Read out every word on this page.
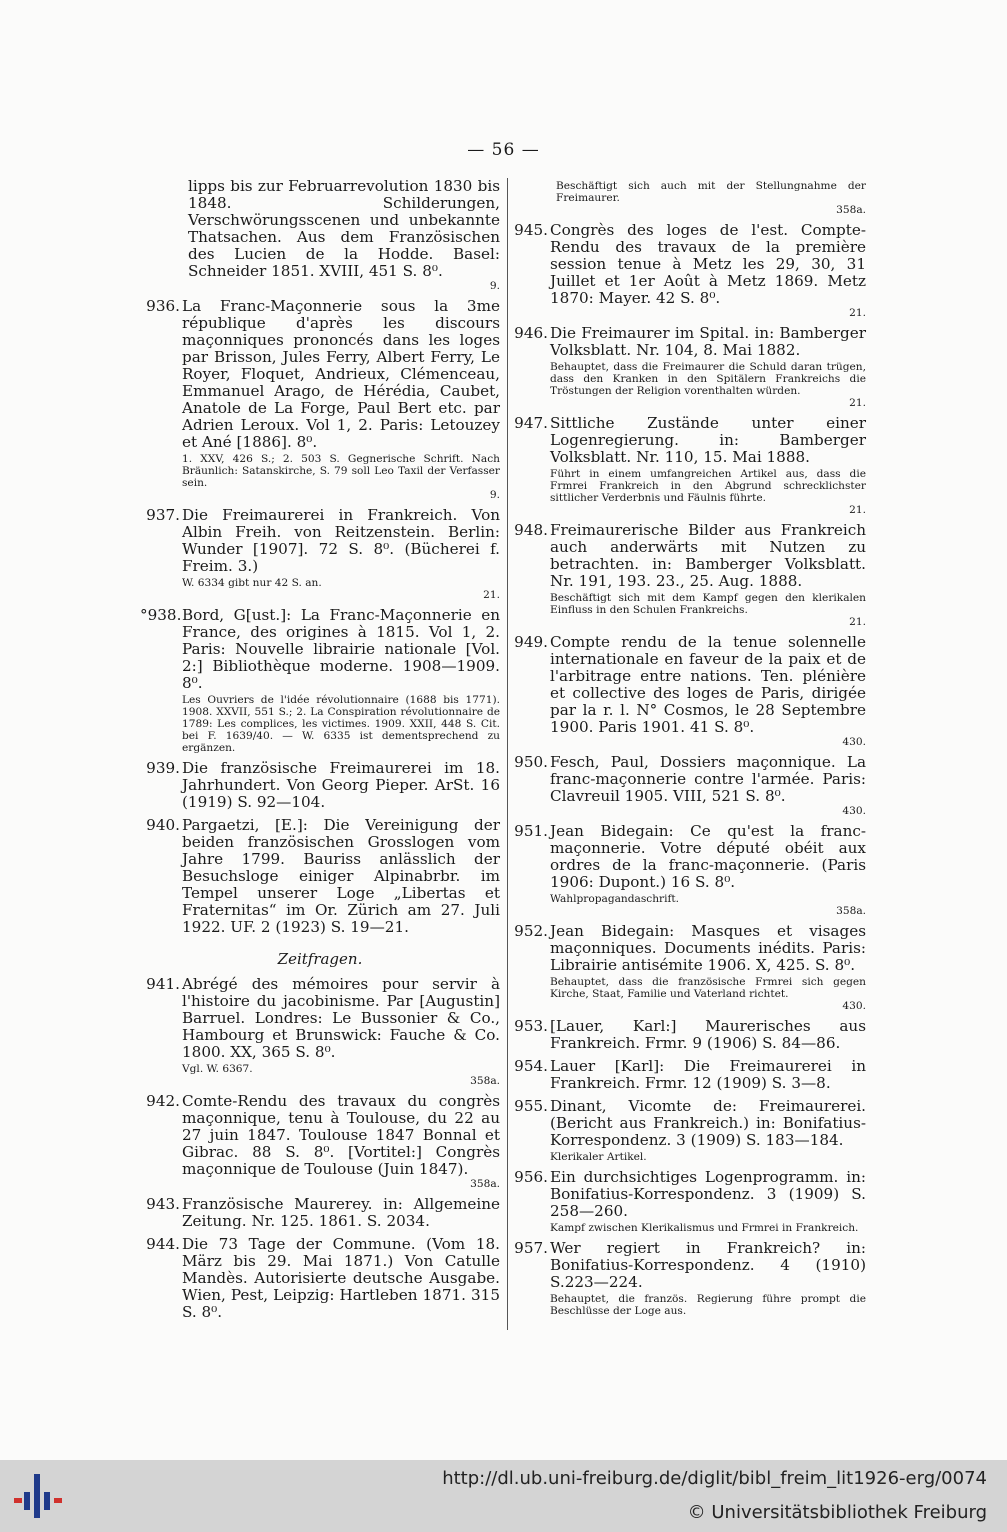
— 56 —
lipps bis zur Februarrevolution 1830 bis 1848. Schilderungen, Verschwörungsscenen und unbekannte Thatsachen. Aus dem Französischen des Lucien de la Hodde. Basel: Schneider 1851. XVIII, 451 S. 8⁰.
9.
936. La Franc-Maçonnerie sous la 3me république d'après les discours maçonniques prononcés dans les loges par Brisson, Jules Ferry, Albert Ferry, Le Royer, Floquet, Andrieux, Clémenceau, Emmanuel Arago, de Hérédia, Caubet, Anatole de La Forge, Paul Bert etc. par Adrien Leroux. Vol 1, 2. Paris: Letouzey et Ané [1886]. 8⁰.
1. XXV, 426 S.; 2. 503 S. Gegnerische Schrift. Nach Bräunlich: Satanskirche, S. 79 soll Leo Taxil der Verfasser sein.
9.
937. Die Freimaurerei in Frankreich. Von Albin Freih. von Reitzenstein. Berlin: Wunder [1907]. 72 S. 8⁰. (Bücherei f. Freim. 3.)
W. 6334 gibt nur 42 S. an.
21.
°938. Bord, G[ust.]: La Franc-Maçonnerie en France, des origines à 1815. Vol 1, 2. Paris: Nouvelle librairie nationale [Vol. 2:] Bibliothèque moderne. 1908—1909. 8⁰.
Les Ouvriers de l'idée révolutionnaire (1688 bis 1771). 1908. XXVII, 551 S.; 2. La Conspiration révolutionnaire de 1789: Les complices, les victimes. 1909. XXII, 448 S. Cit. bei F. 1639/40. — W. 6335 ist dementsprechend zu ergänzen.
939. Die französische Freimaurerei im 18. Jahrhundert. Von Georg Pieper. ArSt. 16 (1919) S. 92—104.
940. Pargaetzi, [E.]: Die Vereinigung der beiden französischen Grosslogen vom Jahre 1799. Bauriss anlässlich der Besuchsloge einiger Alpinabrbr. im Tempel unserer Loge „Libertas et Fraternitas“ im Or. Zürich am 27. Juli 1922. UF. 2 (1923) S. 19—21.
Zeitfragen.
941. Abrégé des mémoires pour servir à l'histoire du jacobinisme. Par [Augustin] Barruel. Londres: Le Bussonier & Co., Hambourg et Brunswick: Fauche & Co. 1800. XX, 365 S. 8⁰.
Vgl. W. 6367.
358a.
942. Comte-Rendu des travaux du congrès maçonnique, tenu à Toulouse, du 22 au 27 juin 1847. Toulouse 1847 Bonnal et Gibrac. 88 S. 8⁰. [Vortitel:] Congrès maçonnique de Toulouse (Juin 1847).
358a.
943. Französische Maurerey. in: Allgemeine Zeitung. Nr. 125. 1861. S. 2034.
944. Die 73 Tage der Commune. (Vom 18. März bis 29. Mai 1871.) Von Catulle Mandès. Autorisierte deutsche Ausgabe. Wien, Pest, Leipzig: Hartleben 1871. 315 S. 8⁰.
Beschäftigt sich auch mit der Stellungnahme der Freimaurer.
358a.
945. Congrès des loges de l'est. Compte-Rendu des travaux de la première session tenue à Metz les 29, 30, 31 Juillet et 1er Août à Metz 1869. Metz 1870: Mayer. 42 S. 8⁰.
21.
946. Die Freimaurer im Spital. in: Bamberger Volksblatt. Nr. 104, 8. Mai 1882.
Behauptet, dass die Freimaurer die Schuld daran trügen, dass den Kranken in den Spitälern Frankreichs die Tröstungen der Religion vorenthalten würden.
21.
947. Sittliche Zustände unter einer Logenregierung. in: Bamberger Volksblatt. Nr. 110, 15. Mai 1888.
Führt in einem umfangreichen Artikel aus, dass die Frmrei Frankreich in den Abgrund schrecklichster sittlicher Verderbnis und Fäulnis führte.
21.
948. Freimaurerische Bilder aus Frankreich auch anderwärts mit Nutzen zu betrachten. in: Bamberger Volksblatt. Nr. 191, 193. 23., 25. Aug. 1888.
Beschäftigt sich mit dem Kampf gegen den klerikalen Einfluss in den Schulen Frankreichs.
21.
949. Compte rendu de la tenue solennelle internationale en faveur de la paix et de l'arbitrage entre nations. Ten. plénière et collective des loges de Paris, dirigée par la r. l. N° Cosmos, le 28 Septembre 1900. Paris 1901. 41 S. 8⁰.
430.
950. Fesch, Paul, Dossiers maçonnique. La franc-maçonnerie contre l'armée. Paris: Clavreuil 1905. VIII, 521 S. 8⁰.
430.
951. Jean Bidegain: Ce qu'est la franc-maçonnerie. Votre député obéit aux ordres de la franc-maçonnerie. (Paris 1906: Dupont.) 16 S. 8⁰.
Wahlpropagandaschrift.
358a.
952. Jean Bidegain: Masques et visages maçonniques. Documents inédits. Paris: Librairie antisémite 1906. X, 425. S. 8⁰.
Behauptet, dass die französische Frmrei sich gegen Kirche, Staat, Familie und Vaterland richtet.
430.
953. [Lauer, Karl:] Maurerisches aus Frankreich. Frmr. 9 (1906) S. 84—86.
954. Lauer [Karl]: Die Freimaurerei in Frankreich. Frmr. 12 (1909) S. 3—8.
955. Dinant, Vicomte de: Freimaurerei. (Bericht aus Frankreich.) in: Bonifatius-Korrespondenz. 3 (1909) S. 183—184.
Klerikaler Artikel.
956. Ein durchsichtiges Logenprogramm. in: Bonifatius-Korrespondenz. 3 (1909) S. 258—260.
Kampf zwischen Klerikalismus und Frmrei in Frankreich.
957. Wer regiert in Frankreich? in: Bonifatius-Korrespondenz. 4 (1910) S.223—224.
Behauptet, die französ. Regierung führe prompt die Beschlüsse der Loge aus.
http://dl.ub.uni-freiburg.de/diglit/bibl_freim_lit1926-erg/0074
© Universitätsbibliothek Freiburg
